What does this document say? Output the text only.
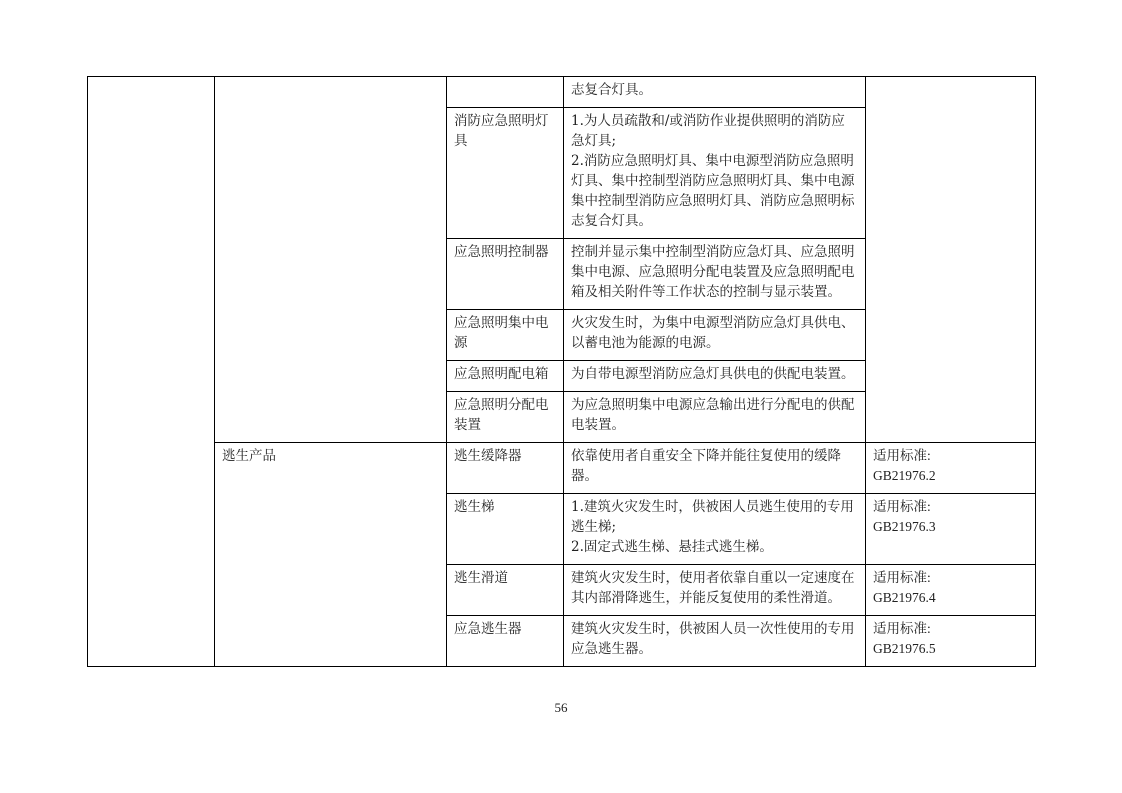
			志复合灯具。	
		消防应急照明灯具	1.为人员疏散和/或消防作业提供照明的消防应急灯具;
2.消防应急照明灯具、集中电源型消防应急照明灯具、集中控制型消防应急照明灯具、集中电源集中控制型消防应急照明灯具、消防应急照明标志复合灯具。	
		应急照明控制器	控制并显示集中控制型消防应急灯具、应急照明集中电源、应急照明分配电装置及应急照明配电箱及相关附件等工作状态的控制与显示装置。	
		应急照明集中电源	火灾发生时，为集中电源型消防应急灯具供电、以蓄电池为能源的电源。	
		应急照明配电箱	为自带电源型消防应急灯具供电的供配电装置。	
		应急照明分配电装置	为应急照明集中电源应急输出进行分配电的供配电装置。	
	逃生产品	逃生缓降器	依靠使用者自重安全下降并能往复使用的缓降器。	适用标准:
GB21976.2
		逃生梯	1.建筑火灾发生时，供被困人员逃生使用的专用逃生梯;
2.固定式逃生梯、悬挂式逃生梯。	适用标准:
GB21976.3
		逃生滑道	建筑火灾发生时，使用者依靠自重以一定速度在其内部滑降逃生，并能反复使用的柔性滑道。	适用标准:
GB21976.4
		应急逃生器	建筑火灾发生时，供被困人员一次性使用的专用应急逃生器。	适用标准:
GB21976.5
56
